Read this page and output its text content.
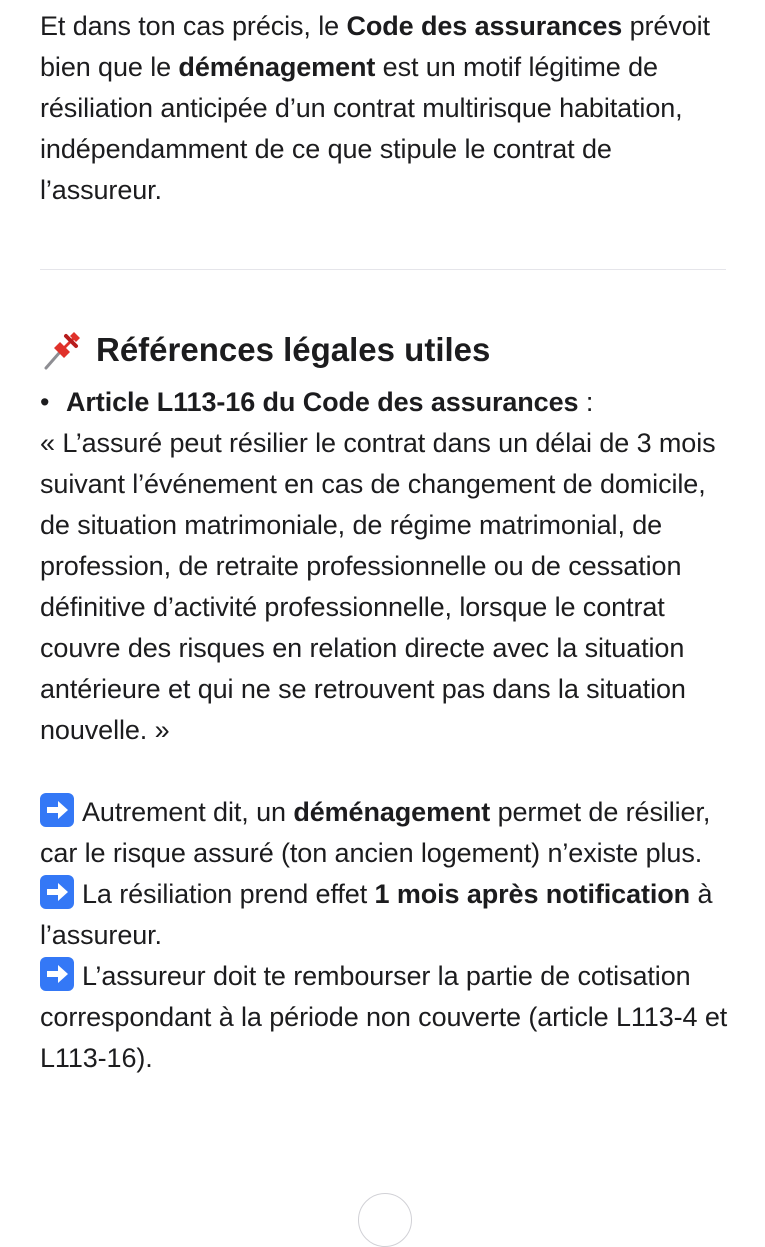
Et dans ton cas précis, le Code des assurances prévoit bien que le déménagement est un motif légitime de résiliation anticipée d’un contrat multirisque habitation, indépendamment de ce que stipule le contrat de l’assureur.

Références légales utiles

• Article L113-16 du Code des assurances :

« L’assuré peut résilier le contrat dans un délai de 3 mois suivant l’événement en cas de changement de domicile, de situation matrimoniale, de régime matrimonial, de profession, de retraite professionnelle ou de cessation définitive d’activité professionnelle, lorsque le contrat couvre des risques en relation directe avec la situation antérieure et qui ne se retrouvent pas dans la situation nouvelle. »

Autrement dit, un déménagement permet de résilier, car le risque assuré (ton ancien logement) n’existe plus.

La résiliation prend effet 1 mois après notification à l’assureur.

L’assureur doit te rembourser la partie de cotisation correspondant à la période non couverte (article L113-4 et L113-16).
